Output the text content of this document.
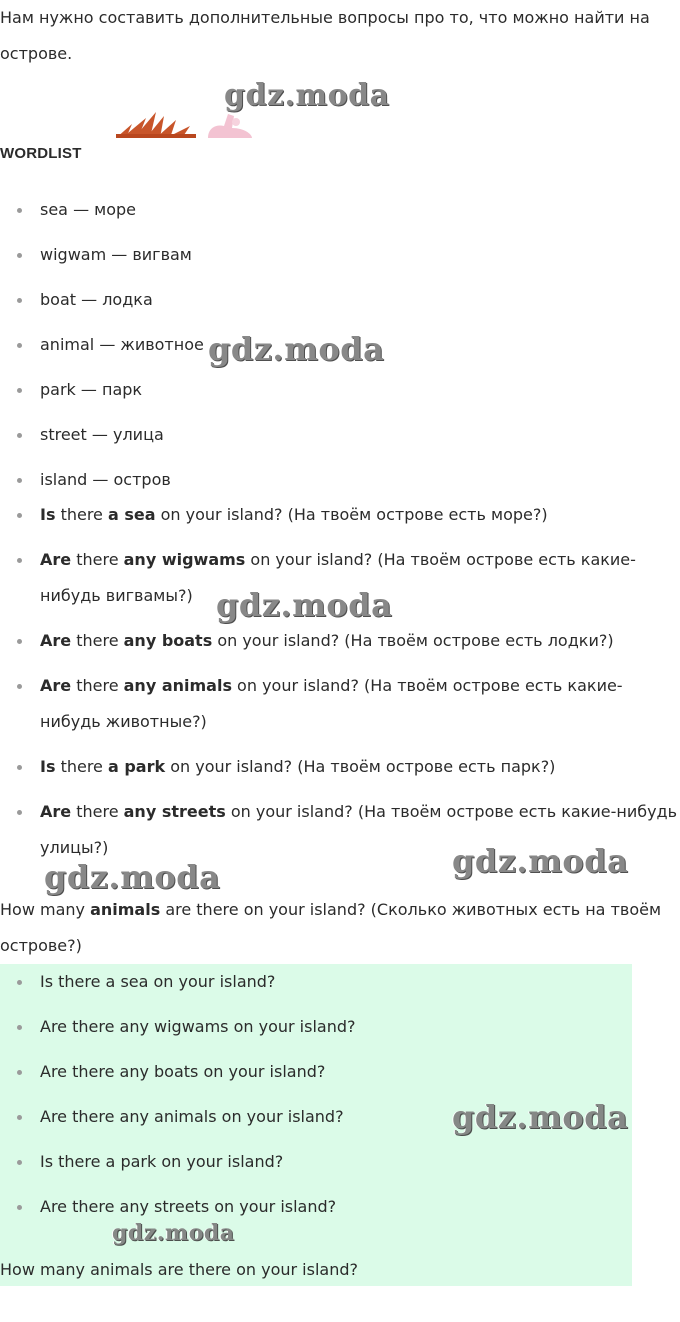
Нам нужно составить дополнительные вопросы про то, что можно найти на острове.
gdz.moda
WORDLIST
sea — море
wigwam — вигвам
boat — лодка
animal — животное
park — парк
street — улица
island — остров
gdz.moda
Is there a sea on your island? (На твоём острове есть море?)
Are there any wigwams on your island? (На твоём острове есть какие-нибудь вигвамы?)
Are there any boats on your island? (На твоём острове есть лодки?)
Are there any animals on your island? (На твоём острове есть какие-нибудь животные?)
Is there a park on your island? (На твоём острове есть парк?)
Are there any streets on your island? (На твоём острове есть какие-нибудь улицы?)
gdz.moda
gdz.moda
gdz.moda
How many animals are there on your island? (Сколько животных есть на твоём острове?)
Is there a sea on your island?
Are there any wigwams on your island?
Are there any boats on your island?
Are there any animals on your island?
Is there a park on your island?
Are there any streets on your island?
gdz.moda
gdz.moda
How many animals are there on your island?
